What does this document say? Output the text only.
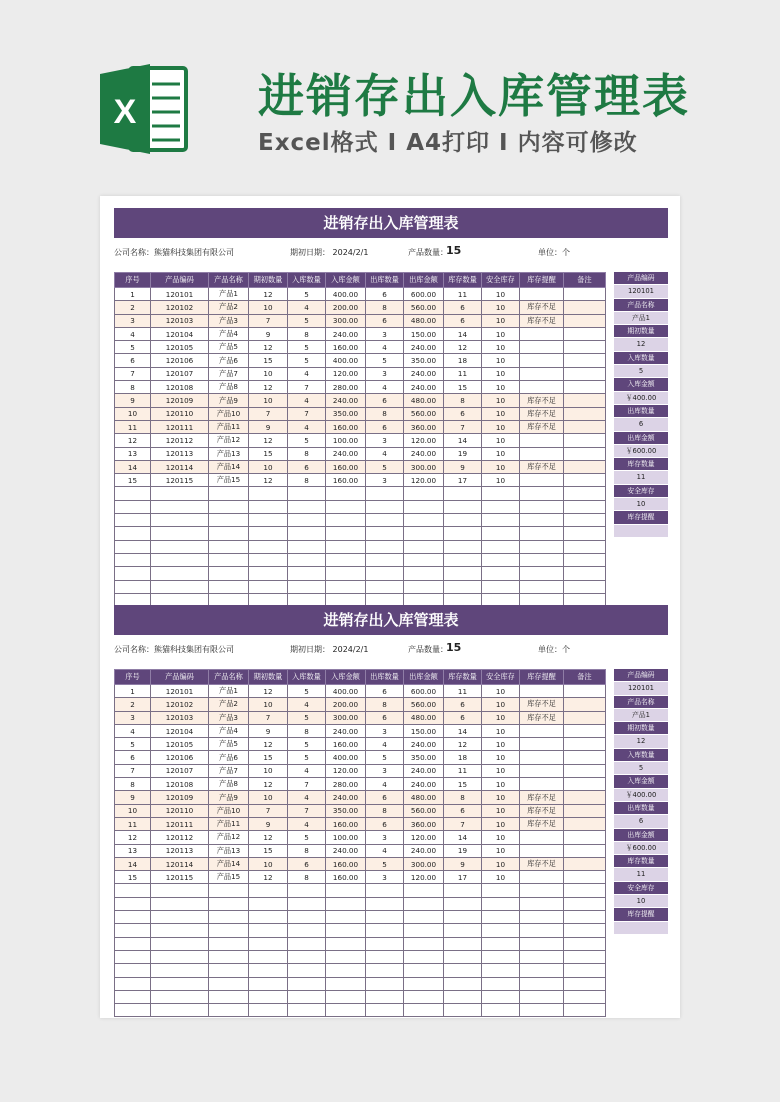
X	进销存出入库管理表
Excel格式 I A4打印 I 内容可修改
进销存出入库管理表
公司名称：熊猫科技集团有限公司	期初日期： 2024/2/1	产品数量：
15	单位：个
序号	产品编码	产品名称	期初数量	入库数量	入库金额	出库数量	出库金额	库存数量	安全库存	库存提醒	备注
1	120101	产品1	12	5	400.00	6	600.00	11	10		
2	120102	产品2	10	4	200.00	8	560.00	6	10	库存不足	
3	120103	产品3	7	5	300.00	6	480.00	6	10	库存不足	
4	120104	产品4	9	8	240.00	3	150.00	14	10		
5	120105	产品5	12	5	160.00	4	240.00	12	10		
6	120106	产品6	15	5	400.00	5	350.00	18	10		
7	120107	产品7	10	4	120.00	3	240.00	11	10		
8	120108	产品8	12	7	280.00	4	240.00	15	10		
9	120109	产品9	10	4	240.00	6	480.00	8	10	库存不足	
10	120110	产品10	7	7	350.00	8	560.00	6	10	库存不足	
11	120111	产品11	9	4	160.00	6	360.00	7	10	库存不足	
12	120112	产品12	12	5	100.00	3	120.00	14	10		
13	120113	产品13	15	8	240.00	4	240.00	19	10		
14	120114	产品14	10	6	160.00	5	300.00	9	10	库存不足	
15	120115	产品15	12	8	160.00	3	120.00	17	10		

产品编码
120101
产品名称
产品1
期初数量
12
入库数量
5
入库金额
￥400.00
出库数量
6
出库金额
￥600.00
库存数量
11
安全库存
10
库存提醒
进销存出入库管理表
公司名称：熊猫科技集团有限公司	期初日期： 2024/2/1	产品数量：
15	单位：个
序号	产品编码	产品名称	期初数量	入库数量	入库金额	出库数量	出库金额	库存数量	安全库存	库存提醒	备注
1	120101	产品1	12	5	400.00	6	600.00	11	10		
2	120102	产品2	10	4	200.00	8	560.00	6	10	库存不足	
3	120103	产品3	7	5	300.00	6	480.00	6	10	库存不足	
4	120104	产品4	9	8	240.00	3	150.00	14	10		
5	120105	产品5	12	5	160.00	4	240.00	12	10		
6	120106	产品6	15	5	400.00	5	350.00	18	10		
7	120107	产品7	10	4	120.00	3	240.00	11	10		
8	120108	产品8	12	7	280.00	4	240.00	15	10		
9	120109	产品9	10	4	240.00	6	480.00	8	10	库存不足	
10	120110	产品10	7	7	350.00	8	560.00	6	10	库存不足	
11	120111	产品11	9	4	160.00	6	360.00	7	10	库存不足	
12	120112	产品12	12	5	100.00	3	120.00	14	10		
13	120113	产品13	15	8	240.00	4	240.00	19	10		
14	120114	产品14	10	6	160.00	5	300.00	9	10	库存不足	
15	120115	产品15	12	8	160.00	3	120.00	17	10		

产品编码
120101
产品名称
产品1
期初数量
12
入库数量
5
入库金额
￥400.00
出库数量
6
出库金额
￥600.00
库存数量
11
安全库存
10
库存提醒
